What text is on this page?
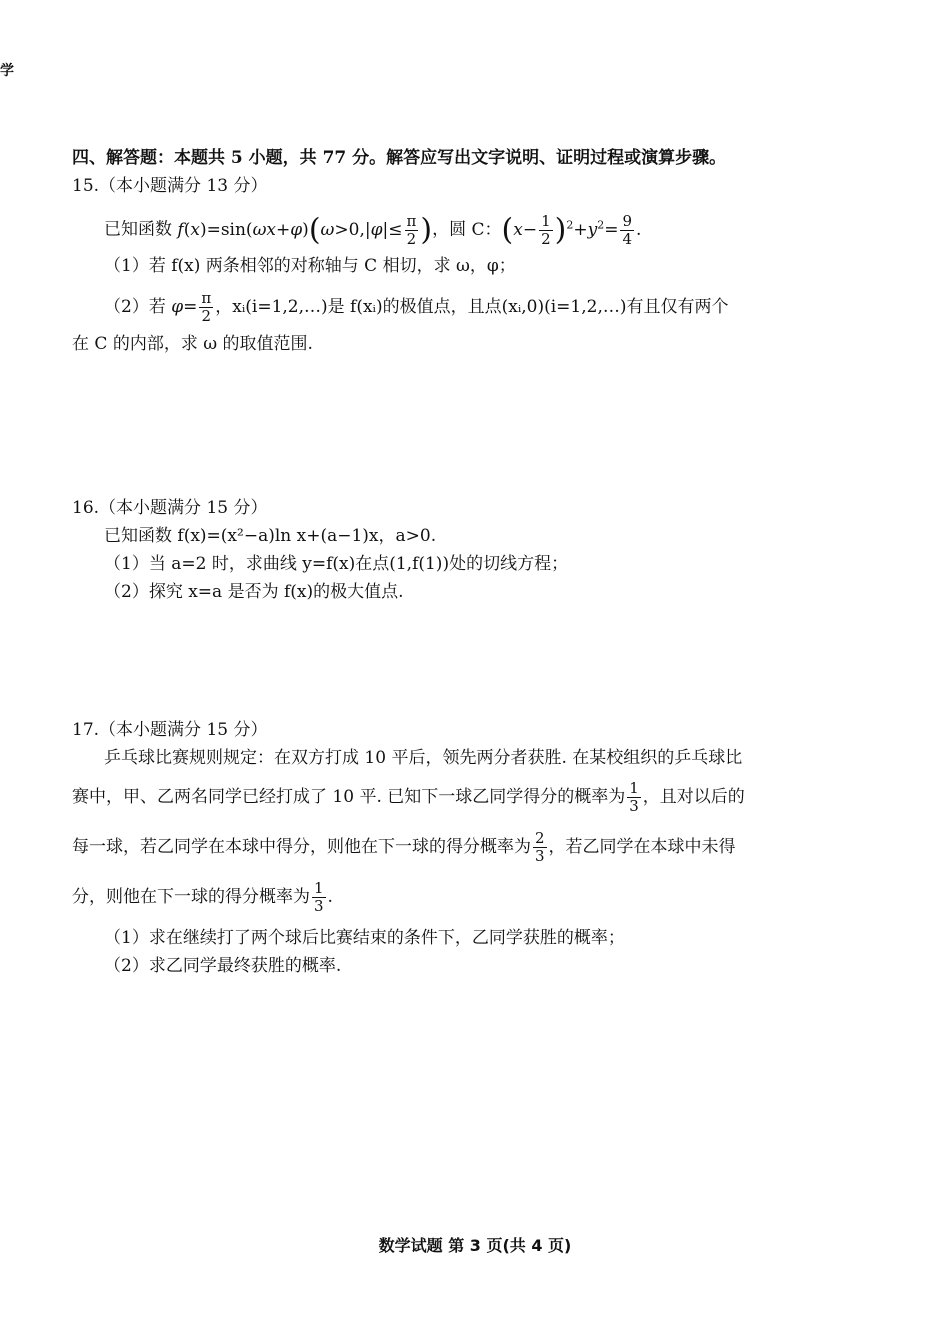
学
四、解答题：本题共 5 小题，共 77 分。解答应写出文字说明、证明过程或演算步骤。
15.（本小题满分 13 分）
已知函数 $f(x)=\sin(\omega x+\varphi)(\omega>0,|\varphi|\le \frac{\pi}{2}$ )，圆 C：$(x- \frac{1}{2} )^2+y^2= \frac{9}{4}$ .
（1）若 f(x) 两条相邻的对称轴与 C 相切，求 ω，φ；
（2）若 $\varphi= \frac{\pi}{2}$ ，xᵢ(i=1,2,…)是 f(xᵢ)的极值点，且点(xᵢ,0)(i=1,2,…)有且仅有两个
在 C 的内部，求 ω 的取值范围.
16.（本小题满分 15 分）
已知函数 f(x)=(x²−a)ln x+(a−1)x，a>0.
（1）当 a=2 时，求曲线 y=f(x)在点(1,f(1))处的切线方程；
（2）探究 x=a 是否为 f(x)的极大值点.
17.（本小题满分 15 分）
乒乓球比赛规则规定：在双方打成 10 平后，领先两分者获胜. 在某校组织的乒乓球比
赛中，甲、乙两名同学已经打成了 10 平. 已知下一球乙同学得分的概率为 $\frac{1}{3}$ ，且对以后的
每一球，若乙同学在本球中得分，则他在下一球的得分概率为 $\frac{2}{3}$ ，若乙同学在本球中未得
分，则他在下一球的得分概率为 $\frac{1}{3}$ .
（1）求在继续打了两个球后比赛结束的条件下，乙同学获胜的概率；
（2）求乙同学最终获胜的概率.
数学试题 第 3 页(共 4 页)
